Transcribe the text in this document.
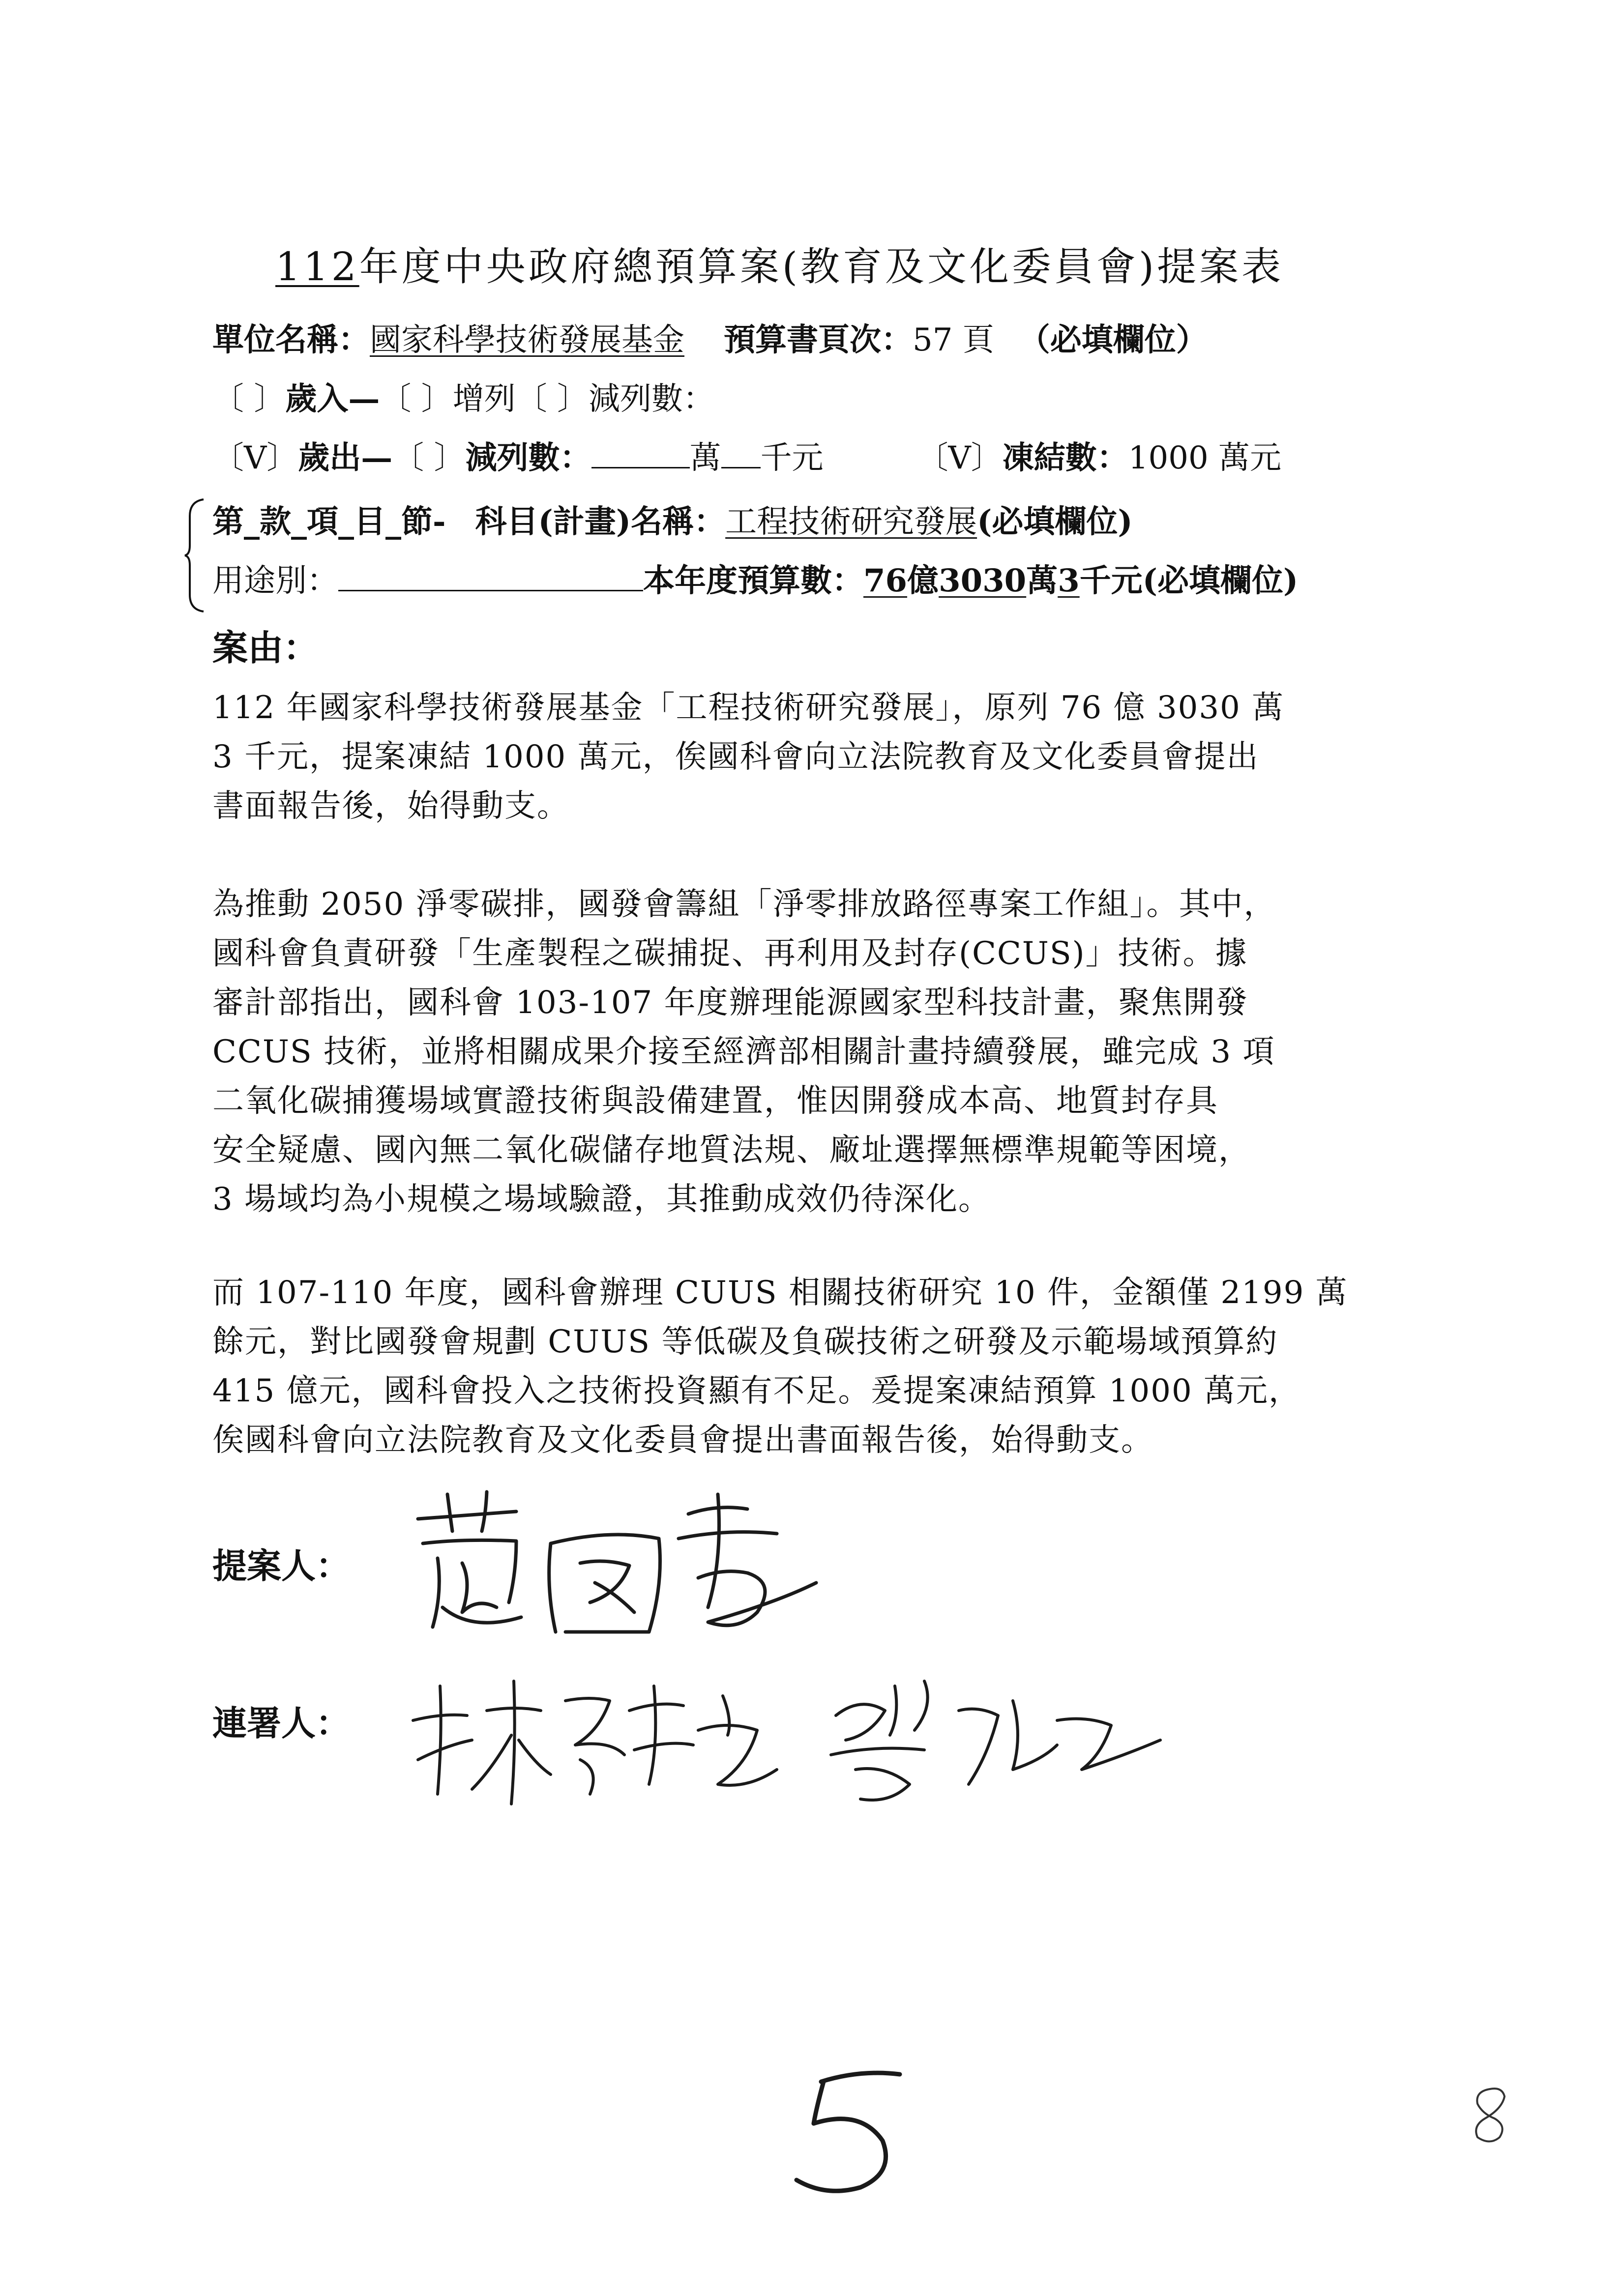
112年度中央政府總預算案(教育及文化委員會)提案表
單位名稱：國家科學技術發展基金 預算書頁次：57 頁 （必填欄位）
〔 〕歲入—〔 〕增列〔 〕減列數：
〔V〕歲出—〔 〕減列數：	萬 千元	〔V〕凍結數：1000 萬元
第_款_項_目_節- 科目(計畫)名稱：工程技術研究發展(必填欄位)
用途別：	本年度預算數：76億3030萬3千元(必填欄位)
案由：
112 年國家科學技術發展基金「工程技術研究發展」，原列 76 億 3030 萬
3 千元，提案凍結 1000 萬元，俟國科會向立法院教育及文化委員會提出
書面報告後，始得動支。
為推動 2050 淨零碳排，國發會籌組「淨零排放路徑專案工作組」。其中，
國科會負責研發「生產製程之碳捕捉、再利用及封存(CCUS)」技術。據
審計部指出，國科會 103-107 年度辦理能源國家型科技計畫，聚焦開發
CCUS 技術，並將相關成果介接至經濟部相關計畫持續發展，雖完成 3 項
二氧化碳捕獲場域實證技術與設備建置，惟因開發成本高、地質封存具
安全疑慮、國內無二氧化碳儲存地質法規、廠址選擇無標準規範等困境，
3 場域均為小規模之場域驗證，其推動成效仍待深化。
而 107-110 年度，國科會辦理 CUUS 相關技術研究 10 件，金額僅 2199 萬
餘元，對比國發會規劃 CUUS 等低碳及負碳技術之研發及示範場域預算約
415 億元，國科會投入之技術投資顯有不足。爰提案凍結預算 1000 萬元，
俟國科會向立法院教育及文化委員會提出書面報告後，始得動支。
提案人：
連署人：
5
8
